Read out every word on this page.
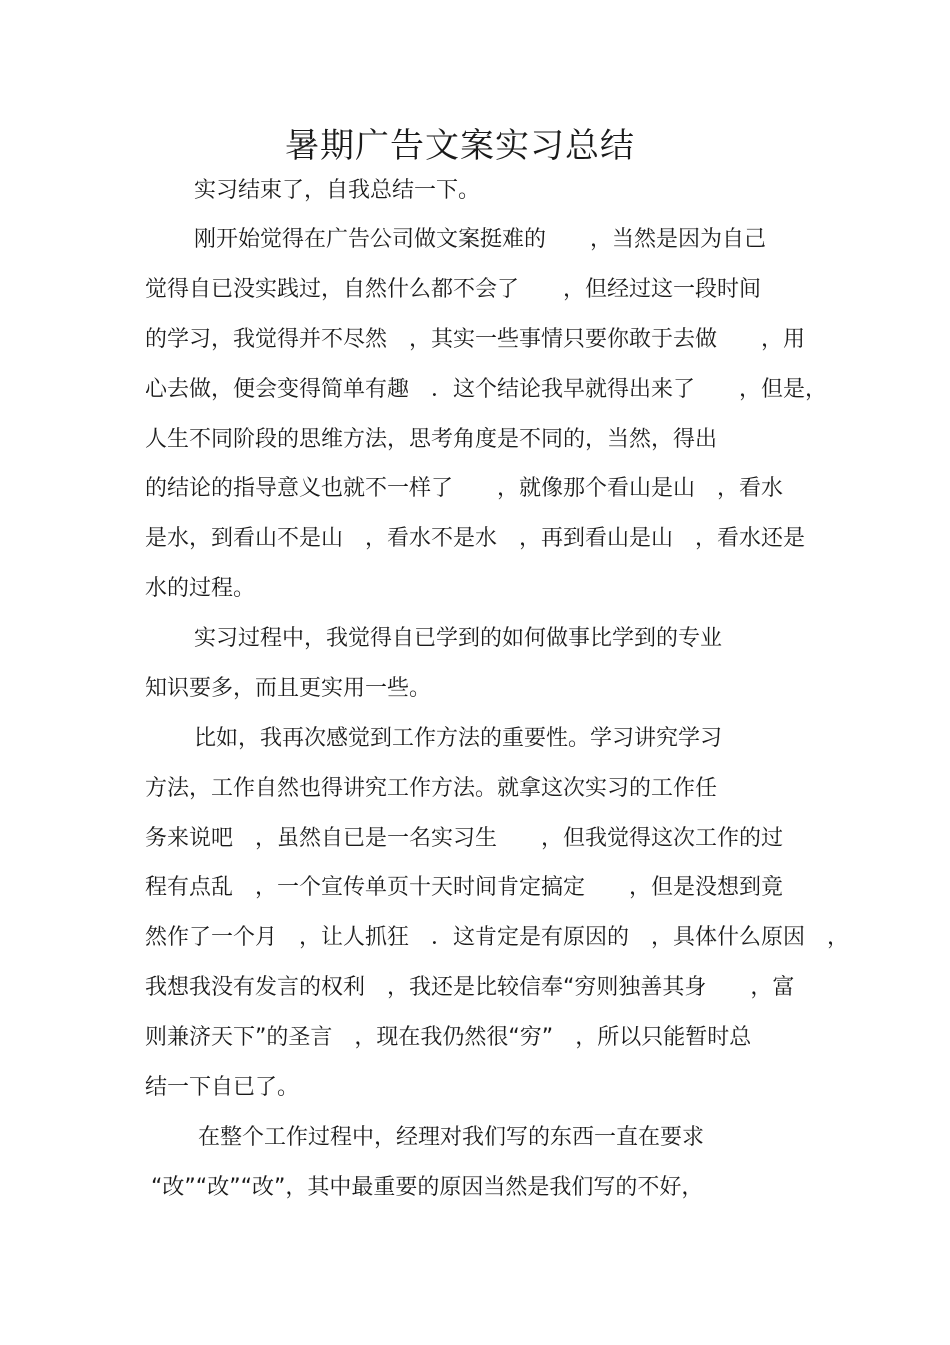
暑期广告文案实习总结
实习结束了，自我总结一下。
刚开始觉得在广告公司做文案挺难的　　，当然是因为自己
觉得自已没实践过，自然什么都不会了　　，但经过这一段时间
的学习，我觉得并不尽然　，其实一些事情只要你敢于去做　　，用
心去做，便会变得简单有趣　．这个结论我早就得出来了　　，但是，
人生不同阶段的思维方法，思考角度是不同的，当然，得出
的结论的指导意义也就不一样了　　，就像那个看山是山　，看水
是水，到看山不是山　，看水不是水　，再到看山是山　，看水还是
水的过程。
实习过程中，我觉得自已学到的如何做事比学到的专业
知识要多，而且更实用一些。
比如，我再次感觉到工作方法的重要性。学习讲究学习
方法，工作自然也得讲究工作方法。就拿这次实习的工作任
务来说吧　，虽然自已是一名实习生　　，但我觉得这次工作的过
程有点乱　，一个宣传单页十天时间肯定搞定　　，但是没想到竟
然作了一个月　，让人抓狂　．这肯定是有原因的　，具体什么原因　，
我想我没有发言的权利　，我还是比较信奉“穷则独善其身　　，富
则兼济天下”的圣言　，现在我仍然很“穷”　，所以只能暂时总
结一下自已了。
在整个工作过程中，经理对我们写的东西一直在要求
“改”“改”“改”，其中最重要的原因当然是我们写的不好，
